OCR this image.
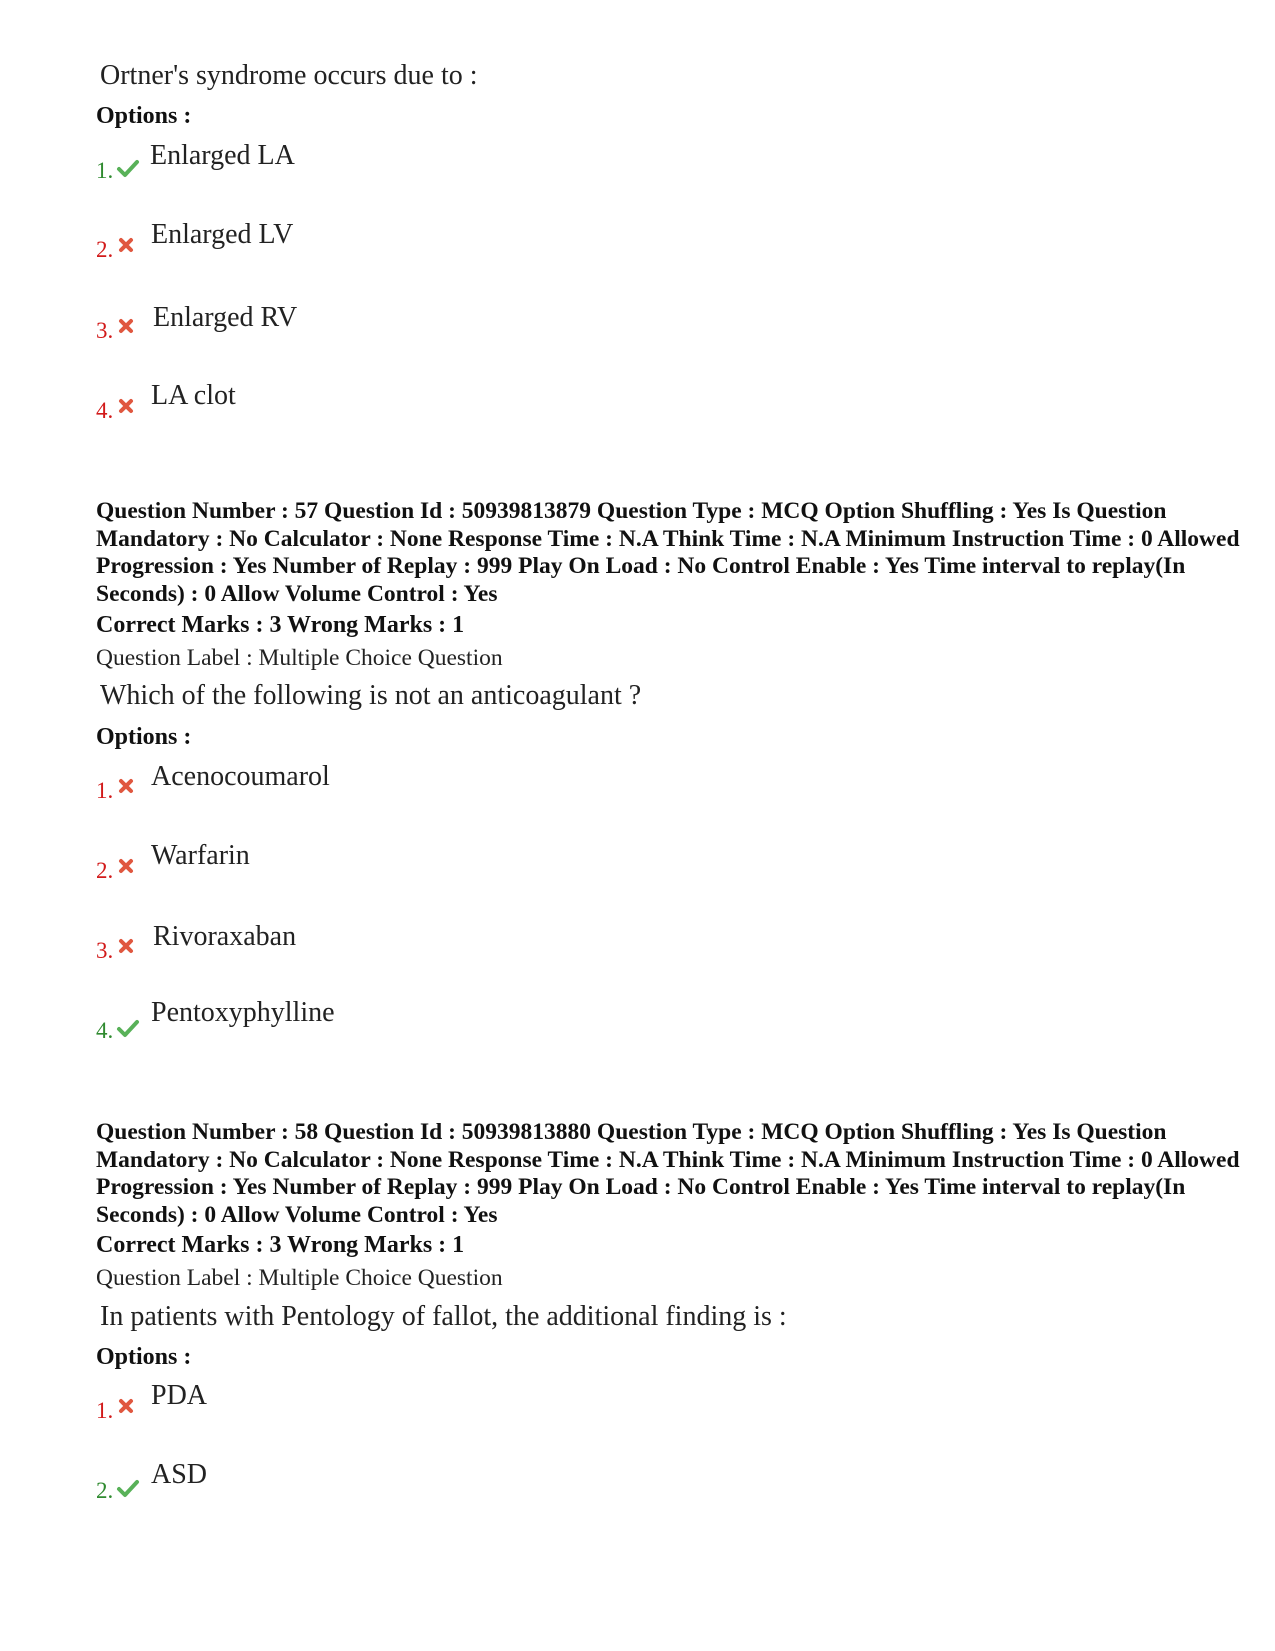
Ortner's syndrome occurs due to :
Options :
1. Enlarged LA
2. Enlarged LV
3. Enlarged RV
4. LA clot
Question Number : 57 Question Id : 50939813879 Question Type : MCQ Option Shuffling : Yes Is Question Mandatory : No Calculator : None Response Time : N.A Think Time : N.A Minimum Instruction Time : 0 Allowed Progression : Yes Number of Replay : 999 Play On Load : No Control Enable : Yes Time interval to replay(In Seconds) : 0 Allow Volume Control : Yes
Correct Marks : 3 Wrong Marks : 1
Question Label : Multiple Choice Question
Which of the following is not an anticoagulant ?
Options :
1. Acenocoumarol
2. Warfarin
3. Rivoraxaban
4.
Pentoxyphylline
Question Number : 58 Question Id : 50939813880 Question Type : MCQ Option Shuffling : Yes Is Question Mandatory : No Calculator : None Response Time : N.A Think Time : N.A Minimum Instruction Time : 0 Allowed Progression : Yes Number of Replay : 999 Play On Load : No Control Enable : Yes Time interval to replay(In Seconds) : 0 Allow Volume Control : Yes
Correct Marks : 3 Wrong Marks : 1
Question Label : Multiple Choice Question
In patients with Pentology of fallot, the additional finding is :
Options :
1. PDA
2.
ASD
